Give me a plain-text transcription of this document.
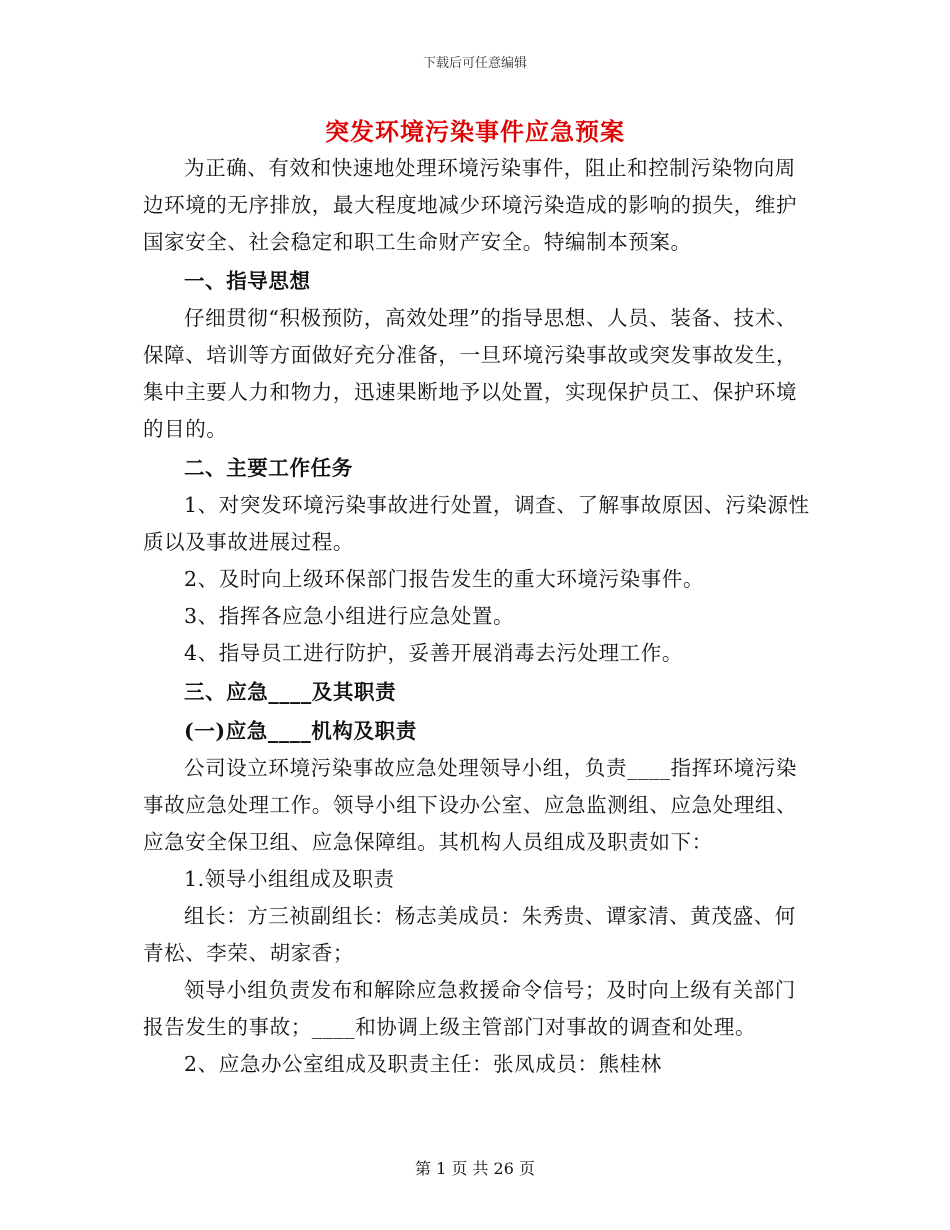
下载后可任意编辑
突发环境污染事件应急预案

为正确、有效和快速地处理环境污染事件，阻止和控制污染物向周边环境的无序排放，最大程度地减少环境污染造成的影响的损失，维护国家安全、社会稳定和职工生命财产安全。特编制本预案。

一、指导思想

仔细贯彻“积极预防，高效处理”的指导思想、人员、装备、技术、保障、培训等方面做好充分准备，一旦环境污染事故或突发事故发生，集中主要人力和物力，迅速果断地予以处置，实现保护员工、保护环境的目的。

二、主要工作任务

1、对突发环境污染事故进行处置，调查、了解事故原因、污染源性质以及事故进展过程。

2、及时向上级环保部门报告发生的重大环境污染事件。

3、指挥各应急小组进行应急处置。

4、指导员工进行防护，妥善开展消毒去污处理工作。

三、应急____及其职责

(一)应急____机构及职责

公司设立环境污染事故应急处理领导小组，负责____指挥环境污染事故应急处理工作。领导小组下设办公室、应急监测组、应急处理组、应急安全保卫组、应急保障组。其机构人员组成及职责如下：

1.领导小组组成及职责

组长：方三祯副组长：杨志美成员：朱秀贵、谭家清、黄茂盛、何青松、李荣、胡家香；

领导小组负责发布和解除应急救援命令信号；及时向上级有关部门报告发生的事故；____和协调上级主管部门对事故的调查和处理。

2、应急办公室组成及职责主任：张凤成员：熊桂林

第 1 页 共 26 页
